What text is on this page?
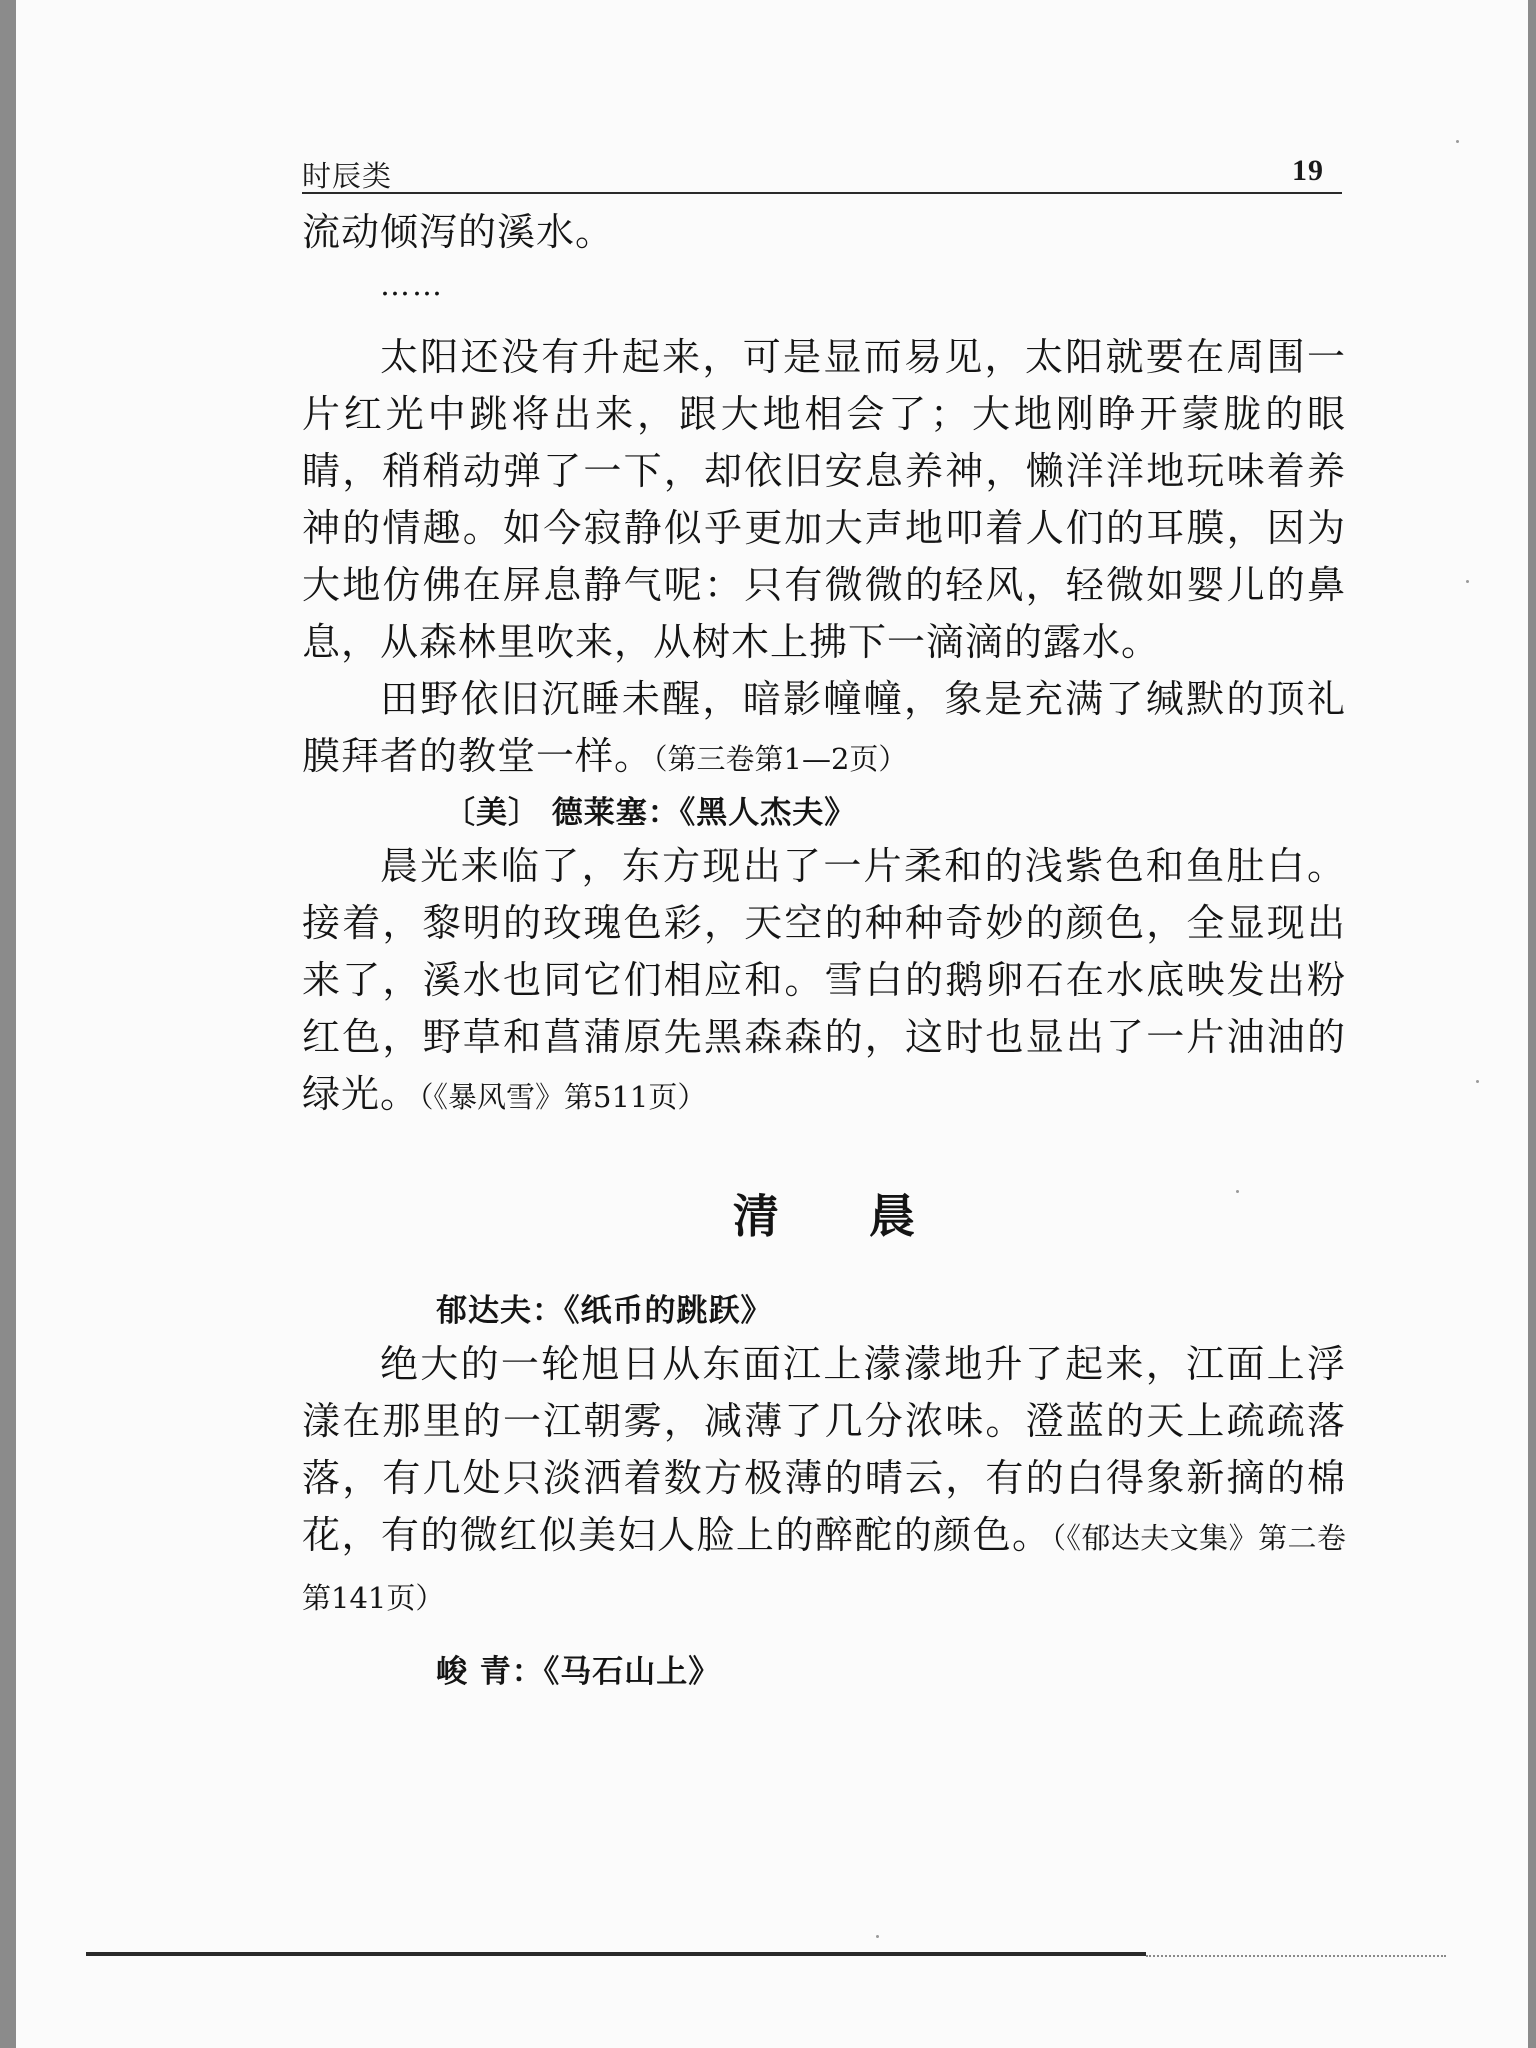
时辰类	19

流动倾泻的溪水。

……

太阳还没有升起来，可是显而易见，太阳就要在周围一片红光中跳将出来，跟大地相会了；大地刚睁开蒙胧的眼睛，稍稍动弹了一下，却依旧安息养神，懒洋洋地玩味着养神的情趣。如今寂静似乎更加大声地叩着人们的耳膜，因为大地仿佛在屏息静气呢：只有微微的轻风，轻微如婴儿的鼻息，从森林里吹来，从树木上拂下一滴滴的露水。

田野依旧沉睡未醒，暗影幢幢，象是充满了缄默的顶礼膜拜者的教堂一样。（第三卷第1—2页）

〔美〕 德莱塞：《黑人杰夫》

晨光来临了，东方现出了一片柔和的浅紫色和鱼肚白。接着，黎明的玫瑰色彩，天空的种种奇妙的颜色，全显现出来了，溪水也同它们相应和。雪白的鹅卵石在水底映发出粉红色，野草和菖蒲原先黑森森的，这时也显出了一片油油的绿光。（《暴风雪》第511页）

清晨

郁达夫：《纸币的跳跃》

绝大的一轮旭日从东面江上濛濛地升了起来，江面上浮漾在那里的一江朝雾，减薄了几分浓味。澄蓝的天上疏疏落落，有几处只淡洒着数方极薄的晴云，有的白得象新摘的棉花，有的微红似美妇人脸上的醉酡的颜色。（《郁达夫文集》第二卷第141页）

峻 青：《马石山上》
